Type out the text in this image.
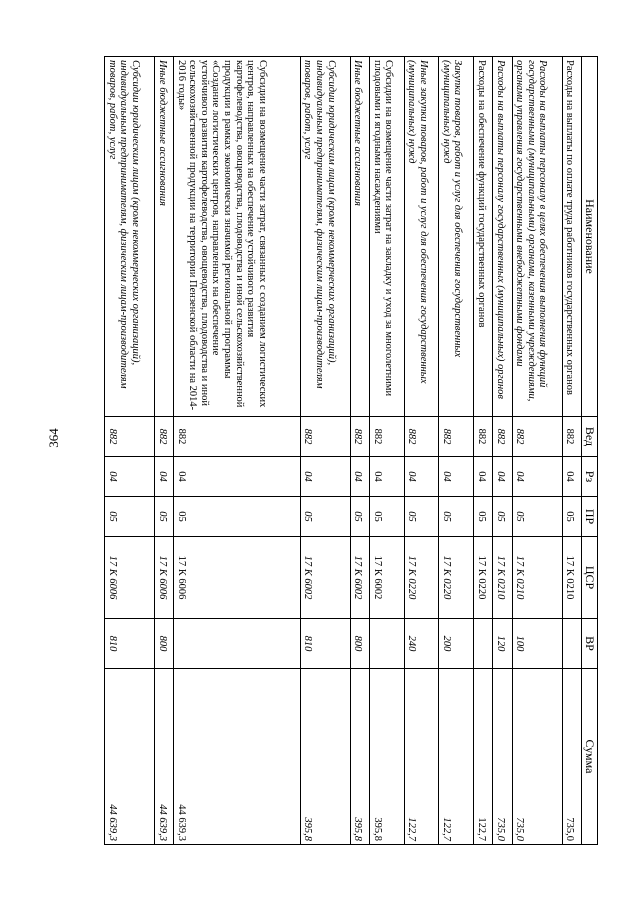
364
Наименование	Вед	Рз	ПР	ЦСР	ВР	Сумма
Расходы на выплаты по оплате труда работников государственных органов	882	04	05	17 К 0210		735,0
Расходы на выплаты персоналу в целях обеспечения выполнения функций государственными (муниципальными) органами, казенными учреждениями, органами управления государственными внебюджетными фондами	882	04	05	17 К 0210	100	735,0
Расходы на выплаты персоналу государственных (муниципальных) органов	882	04	05	17 К 0210	120	735,0
Расходы на обеспечение функций государственных органов	882	04	05	17 К 0220		122,7
Закупка товаров, работ и услуг для обеспечения государственных (муниципальных) нужд	882	04	05	17 К 0220	200	122,7
Иные закупки товаров, работ и услуг для обеспечения государственных (муниципальных) нужд	882	04	05	17 К 0220	240	122,7
Субсидии на возмещение части затрат на закладку и уход за многолетними плодовыми и ягодными насаждениями	882	04	05	17 К 6002		395,8
Иные бюджетные ассигнования	882	04	05	17 К 6002	800	395,8
Субсидии юридическим лицам (кроме некоммерческих организаций), индивидуальным предпринимателям, физическим лицам-производителям товаров, работ, услуг	882	04	05	17 К 6002	810	395,8
Субсидии на возмещение части затрат, связанных с созданием логистических центров, направленных на обеспечение устойчивого развития картофелеводства, овощеводства, плодоводства и иной сельскохозяйственной продукции в рамках экономически значимой региональной программы «Создание логистических центров, направленных на обеспечение устойчивого развития картофелеводства, овощеводства, плодоводства и иной сельскохозяйственной продукции на территории Пензенской области на 2014-2016 годы»	882	04	05	17 К 6006		44 639,3
Иные бюджетные ассигнования	882	04	05	17 К 6006	800	44 639,3
Субсидии юридическим лицам (кроме некоммерческих организаций), индивидуальным предпринимателям, физическим лицам-производителям товаров, работ, услуг	882	04	05	17 К 6006	810	44 639,3
